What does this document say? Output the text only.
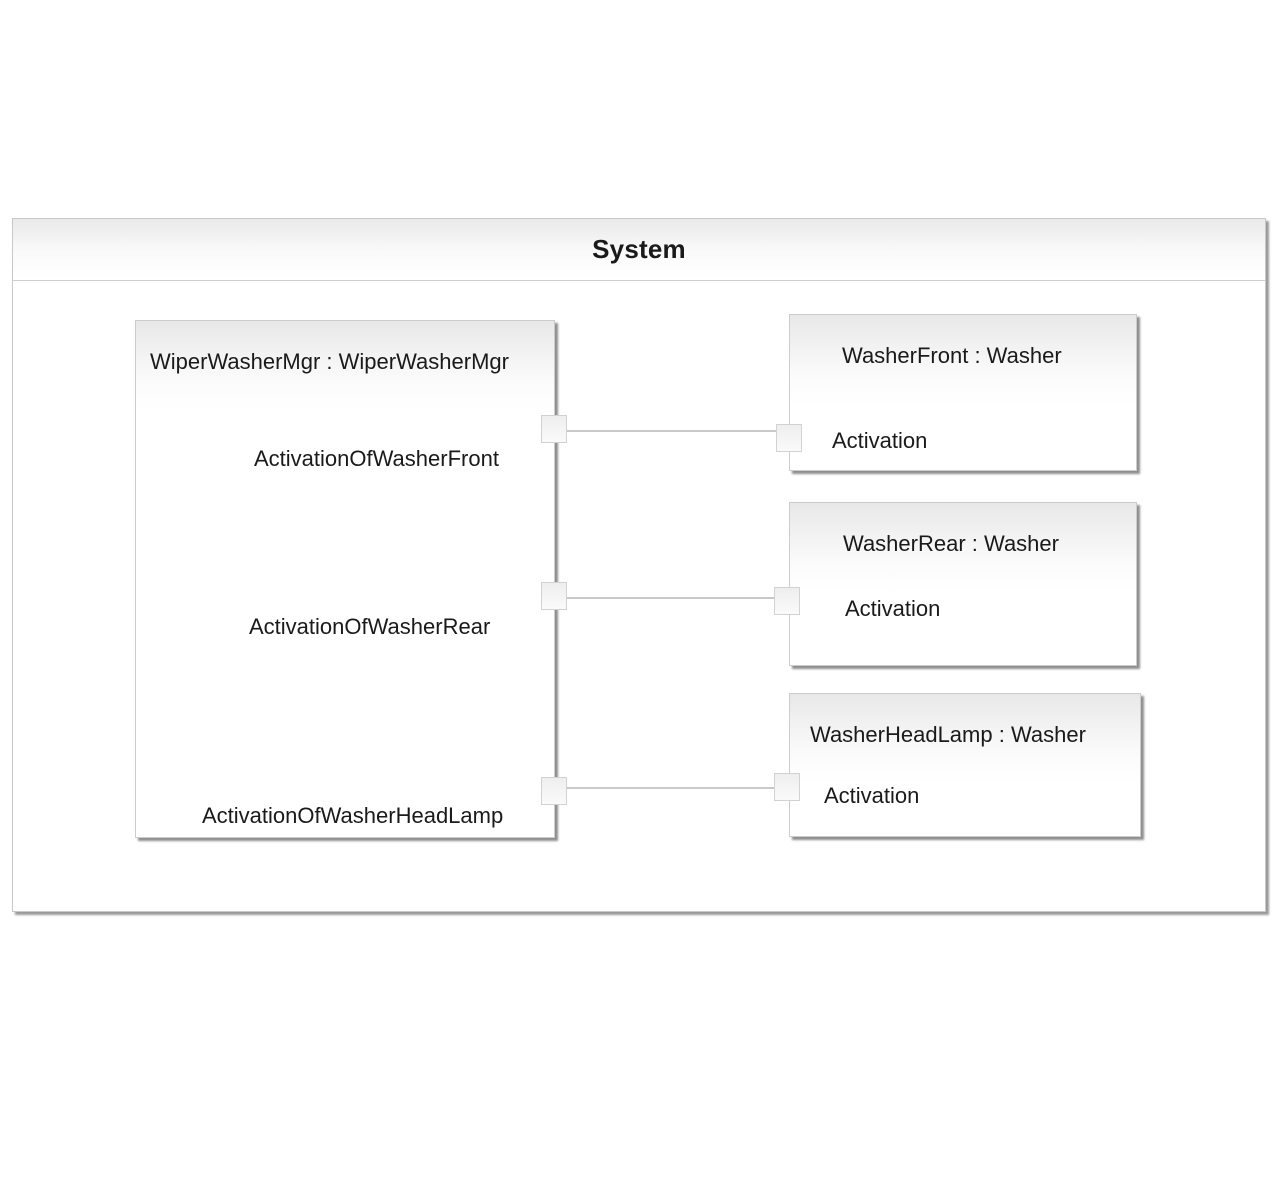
System
WiperWasherMgr : WiperWasherMgr
ActivationOfWasherFront
ActivationOfWasherRear
ActivationOfWasherHeadLamp
WasherFront : Washer
Activation
WasherRear : Washer
Activation
WasherHeadLamp : Washer
Activation
